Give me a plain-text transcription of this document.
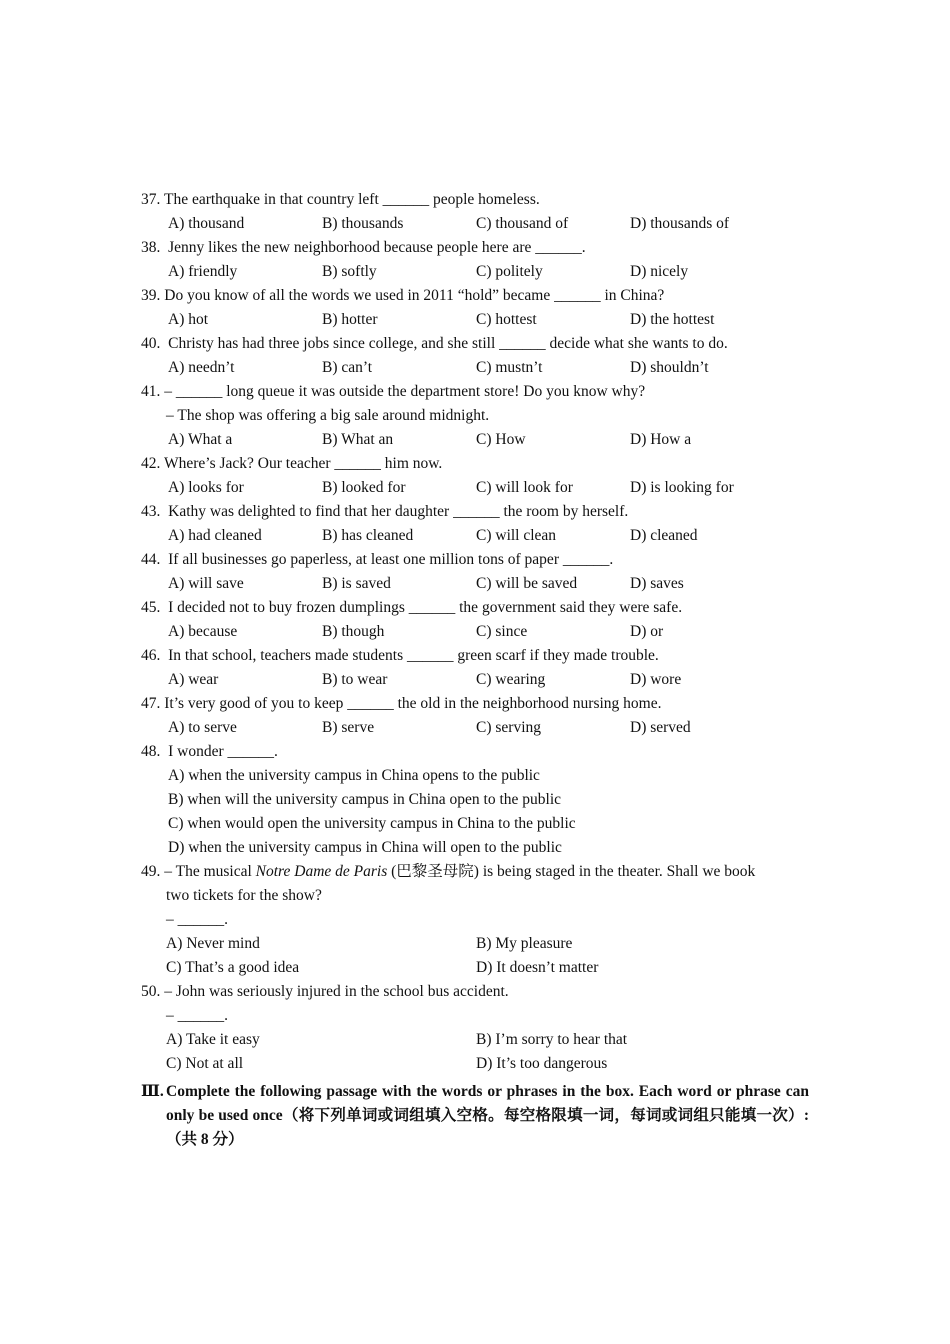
37. The earthquake in that country left ______ people homeless.
A) thousand	B) thousands	C) thousand of	D) thousands of
38. Jenny likes the new neighborhood because people here are ______.
A) friendly	B) softly	C) politely	D) nicely
39. Do you know of all the words we used in 2011 “hold” became ______ in China?
A) hot	B) hotter	C) hottest	D) the hottest
40. Christy has had three jobs since college, and she still ______ decide what she wants to do.
A) needn’t	B) can’t	C) mustn’t	D) shouldn’t
41. – ______ long queue it was outside the department store! Do you know why?
– The shop was offering a big sale around midnight.
A) What a	B) What an	C) How	D) How a
42. Where’s Jack? Our teacher ______ him now.
A) looks for	B) looked for	C) will look for	D) is looking for
43. Kathy was delighted to find that her daughter ______ the room by herself.
A) had cleaned	B) has cleaned	C) will clean	D) cleaned
44. If all businesses go paperless, at least one million tons of paper ______.
A) will save	B) is saved	C) will be saved	D) saves
45. I decided not to buy frozen dumplings ______ the government said they were safe.
A) because	B) though	C) since	D) or
46. In that school, teachers made students ______ green scarf if they made trouble.
A) wear	B) to wear	C) wearing	D) wore
47. It’s very good of you to keep ______ the old in the neighborhood nursing home.
A) to serve	B) serve	C) serving	D) served
48. I wonder ______.
A) when the university campus in China opens to the public
B) when will the university campus in China open to the public
C) when would open the university campus in China to the public
D) when the university campus in China will open to the public
49. – The musical Notre Dame de Paris (巴黎圣母院) is being staged in the theater. Shall we book
two tickets for the show?
– ______.
A) Never mind	B) My pleasure
C) That’s a good idea	D) It doesn’t matter
50. – John was seriously injured in the school bus accident.
– ______.
A) Take it easy	B) I’m sorry to hear that
C) Not at all	D) It’s too dangerous
Ⅲ. Complete the following passage with the words or phrases in the box. Each word or phrase can only be used once（将下列单词或词组填入空格。每空格限填一词，每词或词组只能填一次）:（共 8 分）
